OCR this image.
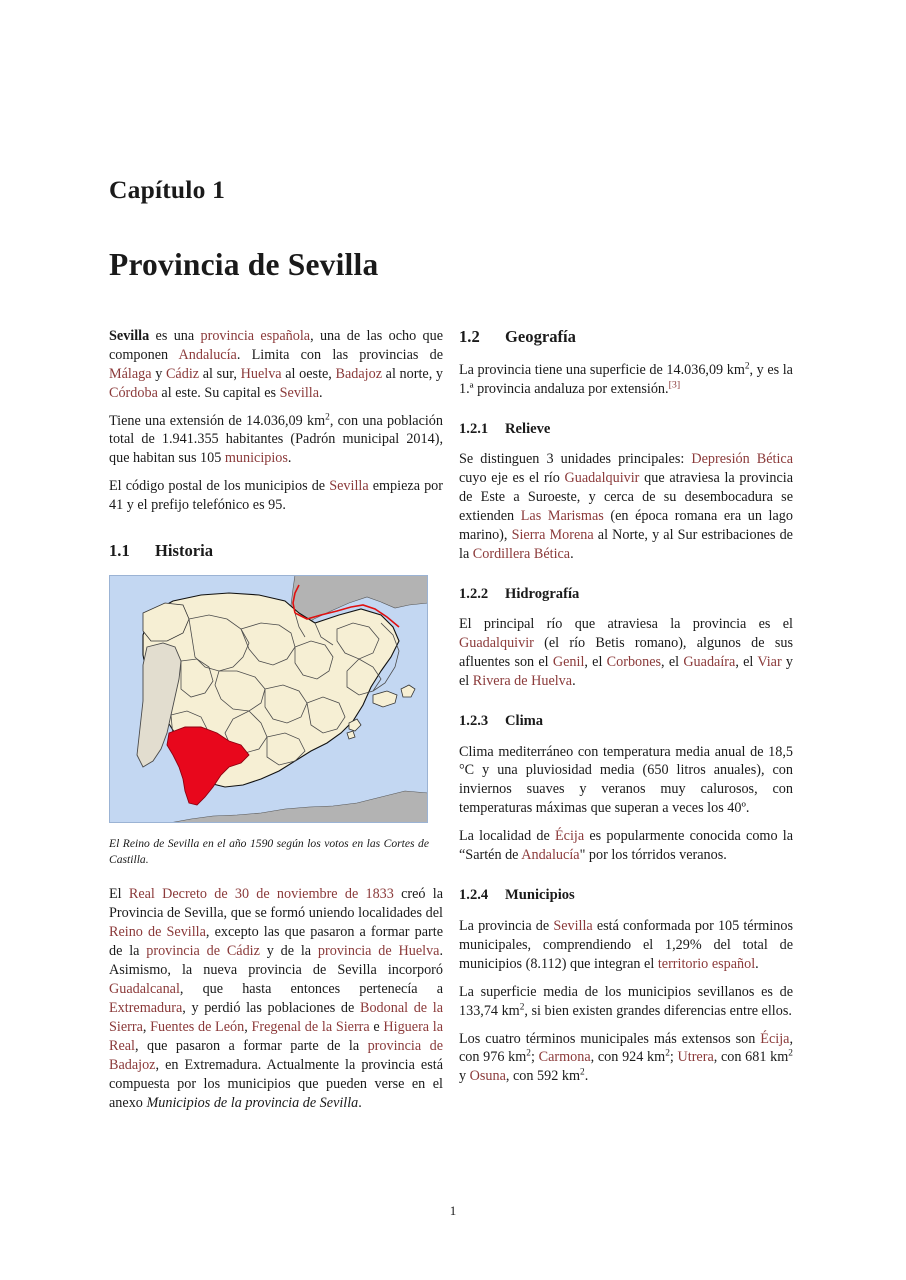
Capítulo 1
Provincia de Sevilla

Sevilla es una provincia española, una de las ocho que componen Andalucía. Limita con las provincias de Málaga y Cádiz al sur, Huelva al oeste, Badajoz al norte, y Córdoba al este. Su capital es Sevilla.

Tiene una extensión de 14.036,09 $km^2$, con una población total de 1.941.355 habitantes (Padrón municipal 2014), que habitan sus 105 municipios.

El código postal de los municipios de Sevilla empieza por 41 y el prefijo telefónico es 95.

1.1 Historia
El Reino de Sevilla en el año 1590 según los votos en las Cortes de Castilla.

El Real Decreto de 30 de noviembre de 1833 creó la Provincia de Sevilla, que se formó uniendo localidades del Reino de Sevilla, excepto las que pasaron a formar parte de la provincia de Cádiz y de la provincia de Huelva. Asimismo, la nueva provincia de Sevilla incorporó Guadalcanal, que hasta entonces pertenecía a Extremadura, y perdió las poblaciones de Bodonal de la Sierra, Fuentes de León, Fregenal de la Sierra e Higuera la Real, que pasaron a formar parte de la provincia de Badajoz, en Extremadura. Actualmente la provincia está compuesta por los municipios que pueden verse en el anexo Municipios de la provincia de Sevilla.

1.2 Geografía

La provincia tiene una superficie de 14.036,09 $km^2$, y es la 1.ª provincia andaluza por extensión.[3]

1.2.1 Relieve

Se distinguen 3 unidades principales: Depresión Bética cuyo eje es el río Guadalquivir que atraviesa la provincia de Este a Suroeste, y cerca de su desembocadura se extienden Las Marismas (en época romana era un lago marino), Sierra Morena al Norte, y al Sur estribaciones de la Cordillera Bética.

1.2.2 Hidrografía

El principal río que atraviesa la provincia es el Guadalquivir (el río Betis romano), algunos de sus afluentes son el Genil, el Corbones, el Guadaíra, el Viar y el Rivera de Huelva.

1.2.3 Clima

Clima mediterráneo con temperatura media anual de 18,5 °C y una pluviosidad media (650 litros anuales), con inviernos suaves y veranos muy calurosos, con temperaturas máximas que superan a veces los 40º.

La localidad de Écija es popularmente conocida como la “Sartén de Andalucía" por los tórridos veranos.

1.2.4 Municipios

La provincia de Sevilla está conformada por 105 términos municipales, comprendiendo el 1,29% del total de municipios (8.112) que integran el territorio español.

La superficie media de los municipios sevillanos es de 133,74 $km^2$, si bien existen grandes diferencias entre ellos.

Los cuatro términos municipales más extensos son Écija, con 976 $km^2$; Carmona, con 924 $km^2$; Utrera, con 681 $km^2$ y Osuna, con 592 $km^2$.

1
